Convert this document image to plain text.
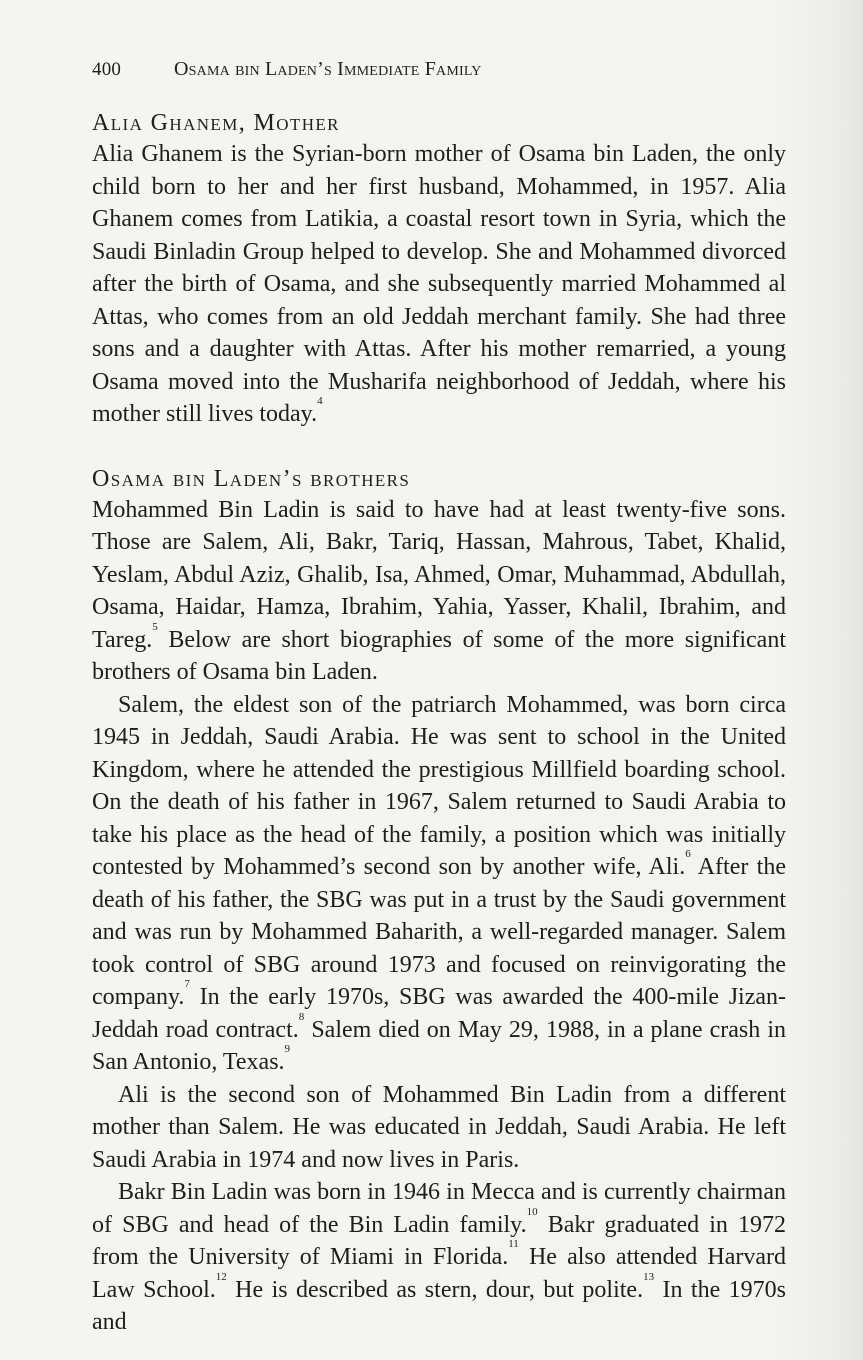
400	Osama bin Laden’s Immediate Family
Alia Ghanem, Mother

Alia Ghanem is the Syrian-born mother of Osama bin Laden, the only child born to her and her first husband, Mohammed, in 1957. Alia Ghanem comes from Latikia, a coastal resort town in Syria, which the Saudi Binladin Group helped to develop. She and Mohammed divorced after the birth of Osama, and she subsequently married Mohammed al Attas, who comes from an old Jeddah merchant family. She had three sons and a daughter with Attas. After his mother remarried, a young Osama moved into the Musharifa neighborhood of Jeddah, where his mother still lives today.$^4$

Osama bin Laden’s brothers

Mohammed Bin Ladin is said to have had at least twenty-five sons. Those are Salem, Ali, Bakr, Tariq, Hassan, Mahrous, Tabet, Khalid, Yeslam, Abdul Aziz, Ghalib, Isa, Ahmed, Omar, Muhammad, Abdullah, Osama, Haidar, Hamza, Ibrahim, Yahia, Yasser, Khalil, Ibrahim, and Tareg.$^5$ Below are short biographies of some of the more significant brothers of Osama bin Laden.

Salem, the eldest son of the patriarch Mohammed, was born circa 1945 in Jeddah, Saudi Arabia. He was sent to school in the United Kingdom, where he attended the prestigious Millfield boarding school. On the death of his father in 1967, Salem returned to Saudi Arabia to take his place as the head of the family, a position which was initially contested by Mohammed’s second son by another wife, Ali.$^6$ After the death of his father, the SBG was put in a trust by the Saudi government and was run by Mohammed Baharith, a well-regarded manager. Salem took control of SBG around 1973 and focused on reinvigorating the company.$^7$ In the early 1970s, SBG was awarded the 400-mile Jizan-Jeddah road contract.$^8$ Salem died on May 29, 1988, in a plane crash in San Antonio, Texas.$^9$

Ali is the second son of Mohammed Bin Ladin from a different mother than Salem. He was educated in Jeddah, Saudi Arabia. He left Saudi Arabia in 1974 and now lives in Paris.

Bakr Bin Ladin was born in 1946 in Mecca and is currently chairman of SBG and head of the Bin Ladin family.$^{10}$ Bakr graduated in 1972 from the University of Miami in Florida.$^{11}$ He also attended Harvard Law School.$^{12}$ He is described as stern, dour, but polite.$^{13}$ In the 1970s and
